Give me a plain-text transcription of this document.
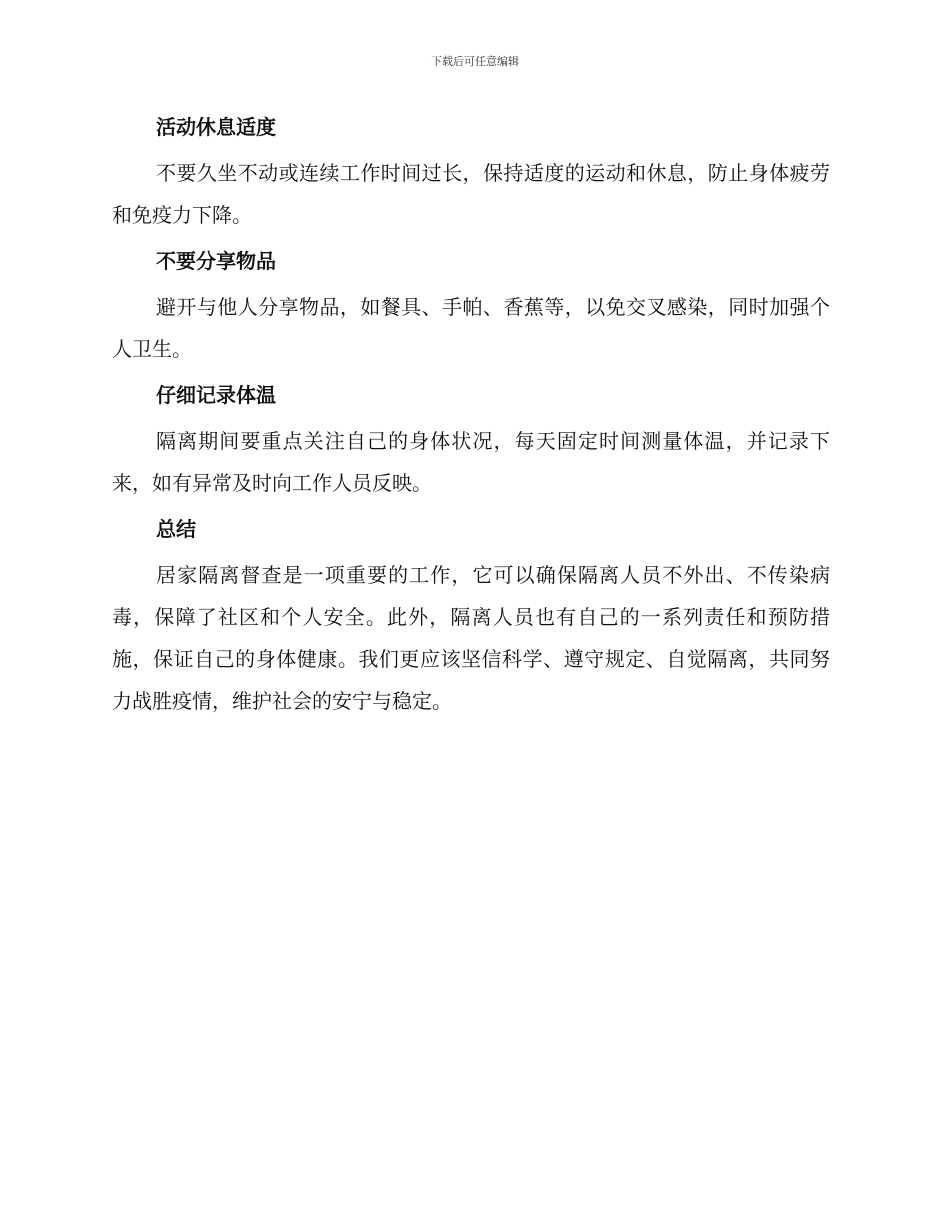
下载后可任意编辑
活动休息适度

不要久坐不动或连续工作时间过长，保持适度的运动和休息，防止身体疲劳和免疫力下降。

不要分享物品

避开与他人分享物品，如餐具、手帕、香蕉等，以免交叉感染，同时加强个人卫生。

仔细记录体温

隔离期间要重点关注自己的身体状况，每天固定时间测量体温，并记录下来，如有异常及时向工作人员反映。

总结

居家隔离督查是一项重要的工作，它可以确保隔离人员不外出、不传染病毒，保障了社区和个人安全。此外，隔离人员也有自己的一系列责任和预防措施，保证自己的身体健康。我们更应该坚信科学、遵守规定、自觉隔离，共同努力战胜疫情，维护社会的安宁与稳定。
